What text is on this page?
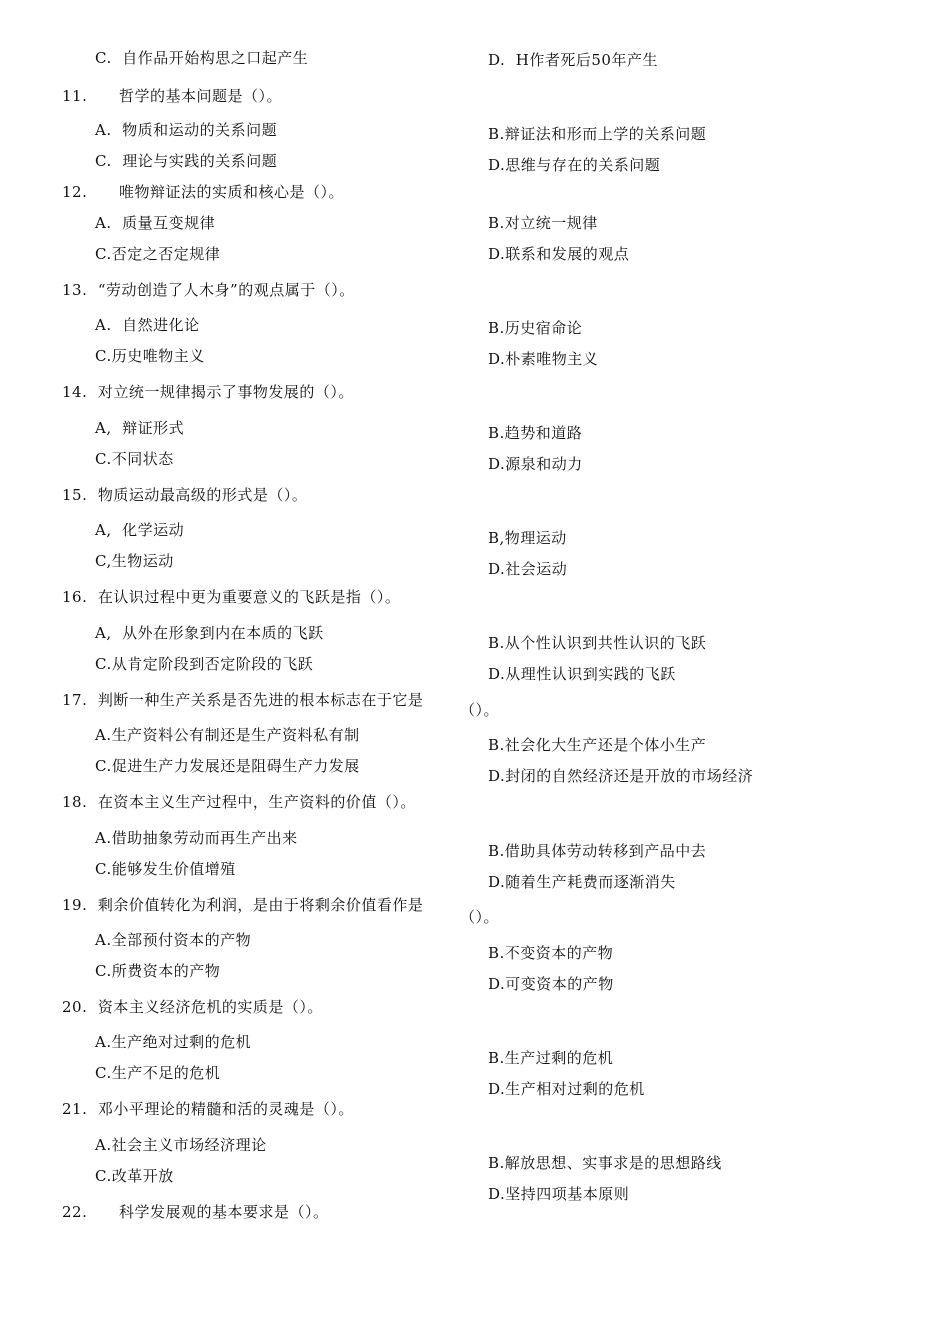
C.  自作品开始构思之口起产生	D.  H作者死后50年产生
11.      哲学的基本问题是（）。
A.  物质和运动的关系问题	B.辩证法和形而上学的关系问题
C.  理论与实践的关系问题	D.思维与存在的关系问题
12.      唯物辩证法的实质和核心是（）。
A.  质量互变规律	B.对立统一规律
C.否定之否定规律	D.联系和发展的观点
13.  “劳动创造了人木身”的观点属于（）。
A.  自然进化论	B.历史宿命论
C.历史唯物主义	D.朴素唯物主义
14.  对立统一规律揭示了事物发展的（）。
A,  辩证形式	B.趋势和道路
C.不同状态	D.源泉和动力
15.  物质运动最高级的形式是（）。
A,  化学运动	B,物理运动
C,生物运动	D.社会运动
16.  在认识过程中更为重要意义的飞跃是指（）。
A,  从外在形象到内在本质的飞跃
B.从个性认识到共性认识的飞跃
C.从肯定阶段到否定阶段的飞跃
D.从理性认识到实践的飞跃
17.  判断一种生产关系是否先进的根本标志在于它是
（）。
A.生产资料公有制还是生产资料私有制
B.社会化大生产还是个体小生产
C.促进生产力发展还是阻碍生产力发展
D.封闭的自然经济还是开放的市场经济
18.  在资本主义生产过程中，生产资料的价值（）。
A.借助抽象劳动而再生产出来
B.借助具体劳动转移到产品中去
C.能够发生价值增殖
D.随着生产耗费而逐渐消失
19.  剩余价值转化为利润，是由于将剩余价值看作是
（）。
A.全部预付资本的产物
B.不变资本的产物
C.所费资本的产物
D.可变资本的产物
20.  资本主义经济危机的实质是（）。
A.生产绝对过剩的危机
B.生产过剩的危机
C.生产不足的危机
D.生产相对过剩的危机
21.  邓小平理论的精髓和活的灵魂是（）。
A.社会主义市场经济理论
B.解放思想、实事求是的思想路线
C.改革开放
D.坚持四项基本原则
22.      科学发展观的基本要求是（）。
